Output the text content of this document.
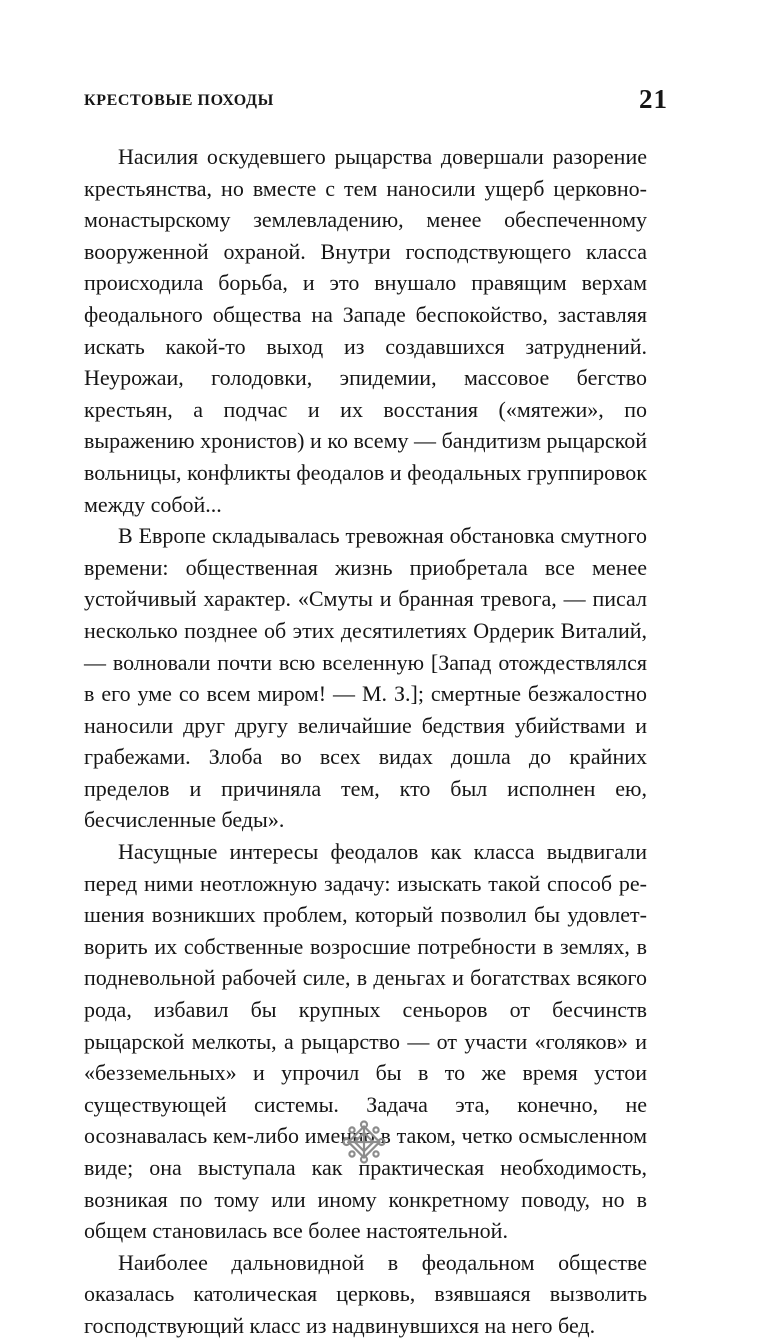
КРЕСТОВЫЕ ПОХОДЫ	21

Насилия оскудевшего рыцарства довершали разорение крестьянства, но вместе с тем наносили ущерб церковно-монастырскому землевладению, менее обеспеченному вооруженной охраной. Внутри господствующего класса происходила борьба, и это внушало правящим верхам феодального общества на Западе беспокойство, заставляя искать какой-то выход из создавшихся затруднений. Неурожаи, голодовки, эпидемии, массовое бегство крестьян, а подчас и их восстания («мятежи», по выражению хронистов) и ко всему — бандитизм рыцарской вольницы, конфликты феодалов и феодальных группировок между собой...

В Европе складывалась тревожная обстановка смутного времени: общественная жизнь приобретала все менее устойчивый характер. «Смуты и бранная тревога, — писал несколько позднее об этих десятилетиях Ордерик Виталий, — волновали почти всю вселенную [Запад отождествлялся в его уме со всем миром! — М. З.]; смертные безжалостно наносили друг другу величайшие бедствия убийствами и грабежами. Злоба во всех видах дошла до крайних пределов и причиняла тем, кто был исполнен ею, бесчисленные беды».

Насущные интересы феодалов как класса выдвигали перед ними неотложную задачу: изыскать такой способ решения возникших проблем, который позволил бы удовлетворить их собственные возросшие потребности в землях, в подневольной рабочей силе, в деньгах и богатствах всякого рода, избавил бы крупных сеньоров от бесчинств рыцарской мелкоты, а рыцарство — от участи «голяков» и «безземельных» и упрочил бы в то же время устои существующей системы. Задача эта, конечно, не осознавалась кем-либо именно в таком, четко осмысленном виде; она выступала как практическая необходимость, возникая по тому или иному конкретному поводу, но в общем становилась все более настоятельной.

Наиболее дальновидной в феодальном обществе оказалась католическая церковь, взявшаяся вызволить господствующий класс из надвинувшихся на него бед.
